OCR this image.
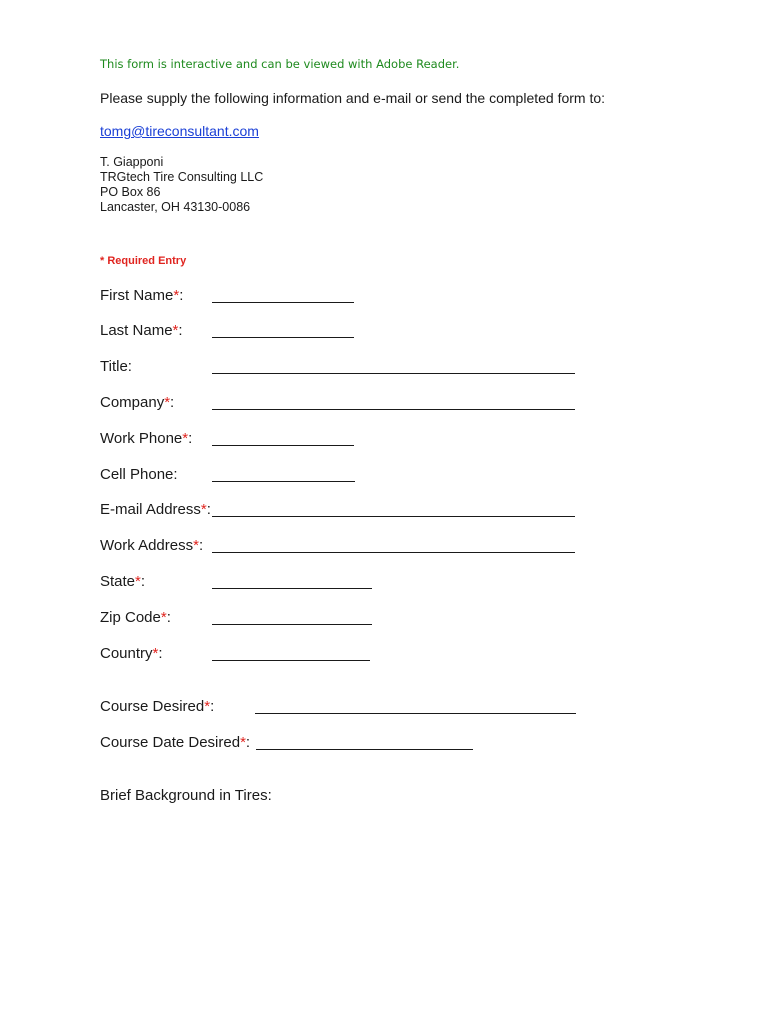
This form is interactive and can be viewed with Adobe Reader.
Please supply the following information and e-mail or send the completed form to:
tomg@tireconsultant.com
T. Giapponi
TRGtech Tire Consulting LLC
PO Box 86
Lancaster, OH 43130-0086
* Required Entry
First Name*:
Last Name*:
Title:
Company*:
Work Phone*:
Cell Phone:
E-mail Address*:
Work Address*:
State*:
Zip Code*:
Country*:
Course Desired*:
Course Date Desired*:
Brief Background in Tires:
